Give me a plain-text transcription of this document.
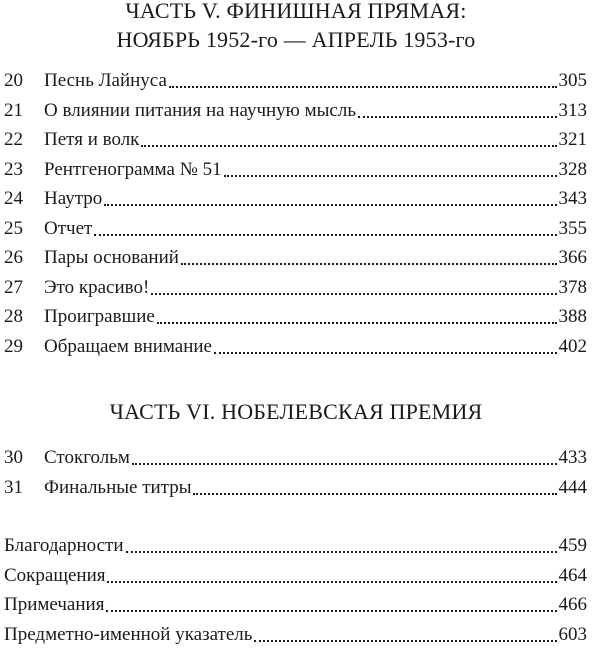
ЧАСТЬ V. ФИНИШНАЯ ПРЯМАЯ:
НОЯБРЬ 1952-го — АПРЕЛЬ 1953-го
20	Песнь Лайнуса	305
21	О влиянии питания на научную мысль	313
22	Петя и волк	321
23	Рентгенограмма № 51	328
24	Наутро	343
25	Отчет	355
26	Пары оснований	366
27	Это красиво!	378
28	Проигравшие	388
29	Обращаем внимание	402
ЧАСТЬ VI. НОБЕЛЕВСКАЯ ПРЕМИЯ
30	Стокгольм	433
31	Финальные титры	444
Благодарности	459
Сокращения	464
Примечания	466
Предметно-именной указатель	603
